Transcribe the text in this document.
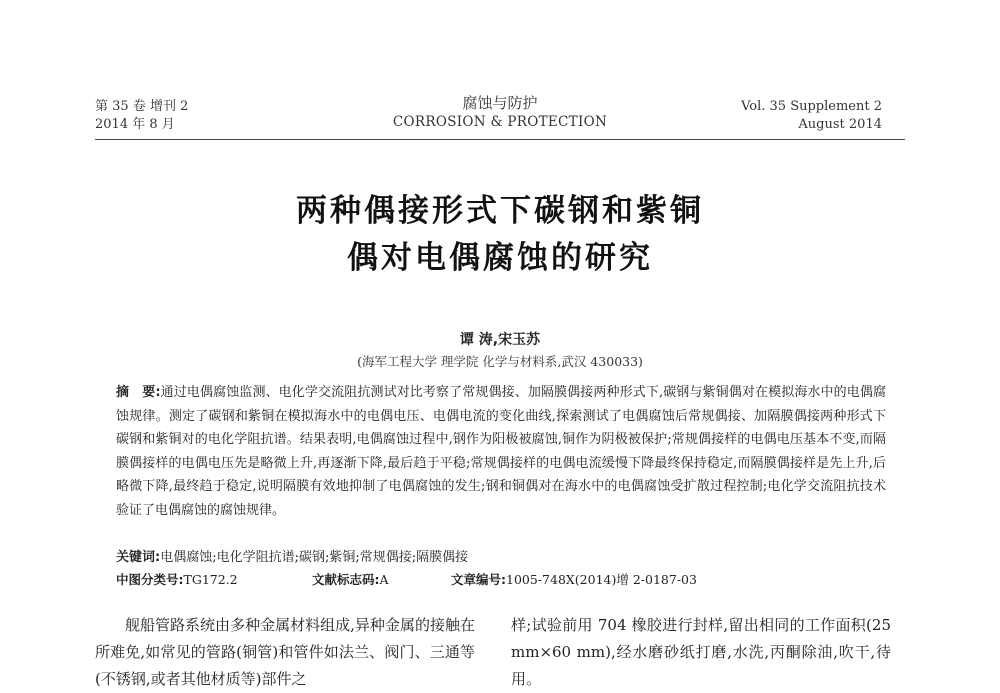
第 35 卷 增刊 2
2014 年 8 月
腐蚀与防护
CORROSION & PROTECTION
Vol. 35 Supplement 2
August 2014
两种偶接形式下碳钢和紫铜
偶对电偶腐蚀的研究
谭 涛,宋玉苏
(海军工程大学 理学院 化学与材料系,武汉 430033)
摘　要:通过电偶腐蚀监测、电化学交流阻抗测试对比考察了常规偶接、加隔膜偶接两种形式下,碳钢与紫铜偶对在模拟海水中的电偶腐蚀规律。测定了碳钢和紫铜在模拟海水中的电偶电压、电偶电流的变化曲线,探索测试了电偶腐蚀后常规偶接、加隔膜偶接两种形式下碳钢和紫铜对的电化学阻抗谱。结果表明,电偶腐蚀过程中,钢作为阳极被腐蚀,铜作为阴极被保护;常规偶接样的电偶电压基本不变,而隔膜偶接样的电偶电压先是略微上升,再逐渐下降,最后趋于平稳;常规偶接样的电偶电流缓慢下降最终保持稳定,而隔膜偶接样是先上升,后略微下降,最终趋于稳定,说明隔膜有效地抑制了电偶腐蚀的发生;钢和铜偶对在海水中的电偶腐蚀受扩散过程控制;电化学交流阻抗技术验证了电偶腐蚀的腐蚀规律。
关键词:电偶腐蚀;电化学阻抗谱;碳钢;紫铜;常规偶接;隔膜偶接
中图分类号:TG172.2	文献标志码:A	文章编号:1005-748X(2014)增 2-0187-03
舰船管路系统由多种金属材料组成,异种金属的接触在所难免,如常见的管路(铜管)和管件如法兰、阀门、三通等(不锈钢,或者其他材质等)部件之
样;试验前用 704 橡胶进行封样,留出相同的工作面积(25 mm×60 mm),经水磨砂纸打磨,水洗,丙酮除油,吹干,待用。
